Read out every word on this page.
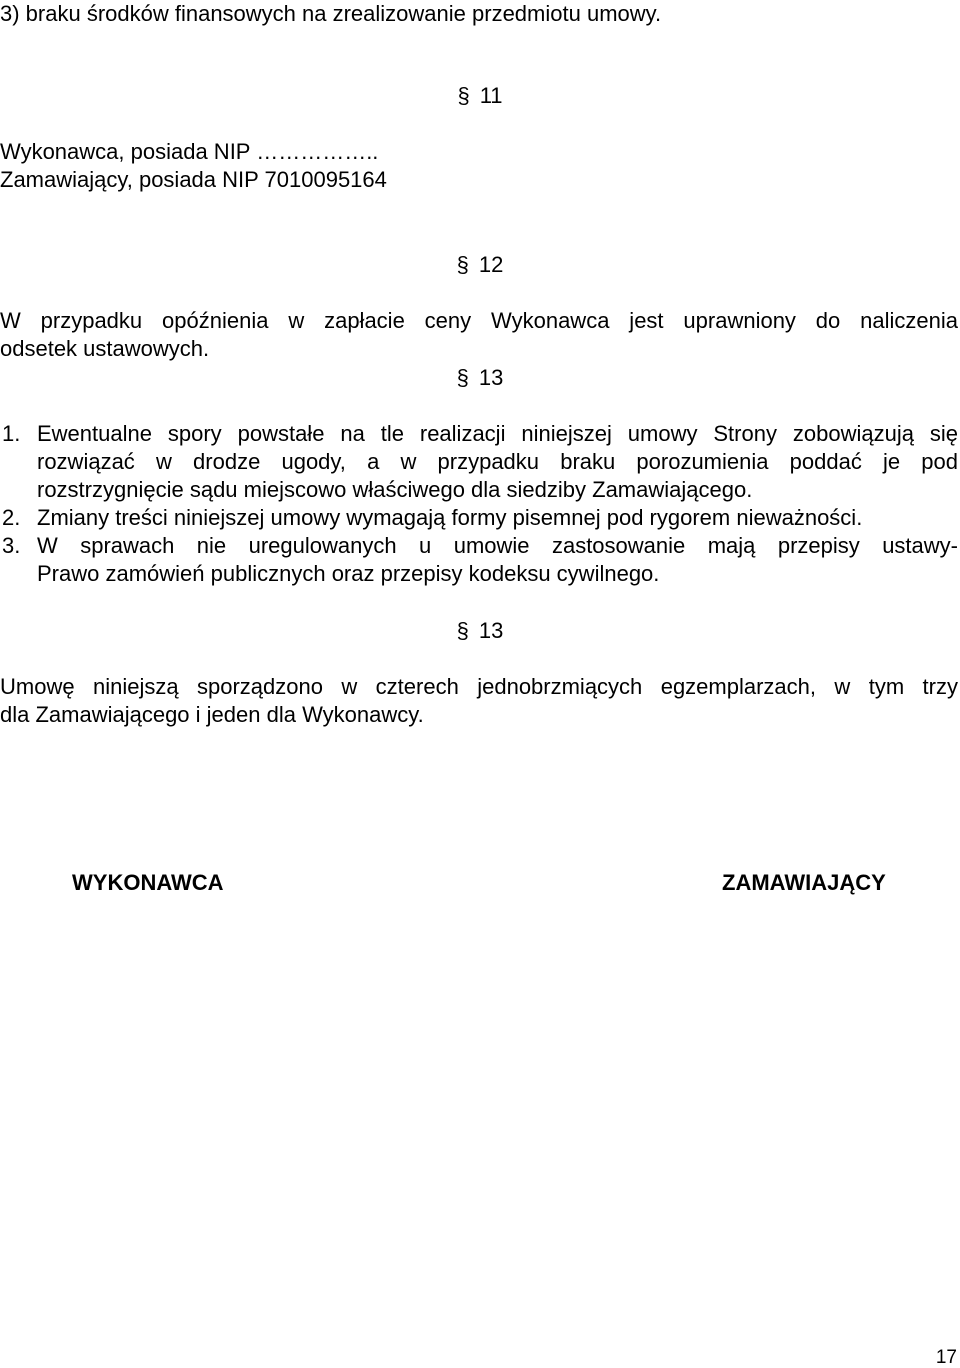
3) braku środków finansowych na zrealizowanie przedmiotu umowy.
§ 11
Wykonawca, posiada NIP ……………..
Zamawiający, posiada NIP 7010095164
§ 12
W przypadku opóźnienia w zapłacie ceny Wykonawca jest uprawniony do naliczenia
odsetek ustawowych.
§ 13
1. Ewentualne spory powstałe na tle realizacji niniejszej umowy Strony zobowiązują się
rozwiązać w drodze ugody, a w przypadku braku porozumienia poddać je pod
rozstrzygnięcie sądu miejscowo właściwego dla siedziby Zamawiającego.
2. Zmiany treści niniejszej umowy wymagają formy pisemnej pod rygorem nieważności.
3. W sprawach nie uregulowanych u umowie zastosowanie mają przepisy ustawy-
Prawo zamówień publicznych oraz przepisy kodeksu cywilnego.
§ 13
Umowę niniejszą sporządzono w czterech jednobrzmiących egzemplarzach, w tym trzy
dla Zamawiającego i jeden dla Wykonawcy.
WYKONAWCA	ZAMAWIAJĄCY
17
